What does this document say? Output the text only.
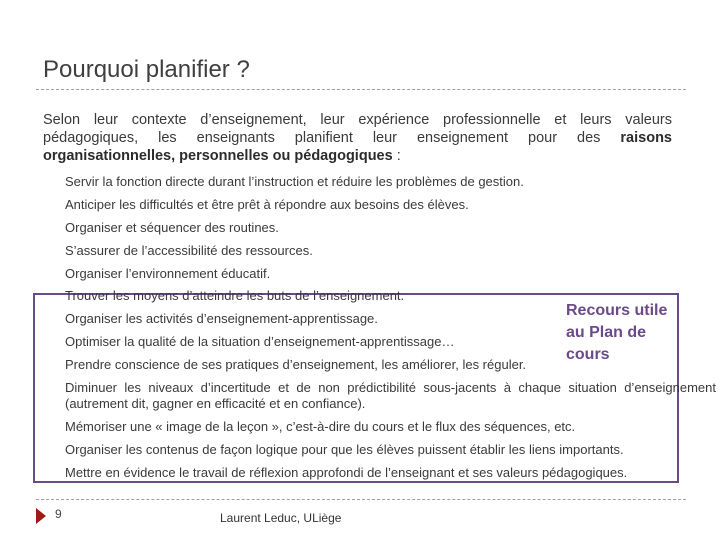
Pourquoi planifier ?
Selon leur contexte d’enseignement, leur expérience professionnelle et leurs valeurs pédagogiques, les enseignants planifient leur enseignement pour des raisons organisationnelles, personnelles ou pédagogiques :
Servir la fonction directe durant l’instruction et réduire les problèmes de gestion.
Anticiper les difficultés et être prêt à répondre aux besoins des élèves.
Organiser et séquencer des routines.
S’assurer de l’accessibilité des ressources.
Organiser l’environnement éducatif.
Trouver les moyens d’atteindre les buts de l’enseignement.
Organiser les activités d’enseignement-apprentissage.
Optimiser la qualité de la situation d’enseignement-apprentissage…
Prendre conscience de ses pratiques d’enseignement, les améliorer, les réguler.
Diminuer les niveaux d’incertitude et de non prédictibilité sous-jacents à chaque situation d’enseignement (autrement dit, gagner en efficacité et en confiance).
Mémoriser une « image de la leçon », c’est-à-dire du cours et le flux des séquences, etc.
Organiser les contenus de façon logique pour que les élèves puissent établir les liens importants.
Mettre en évidence le travail de réflexion approfondi de l’enseignant et ses valeurs pédagogiques.
Recours utile au Plan de cours
9	Laurent Leduc, ULiège
